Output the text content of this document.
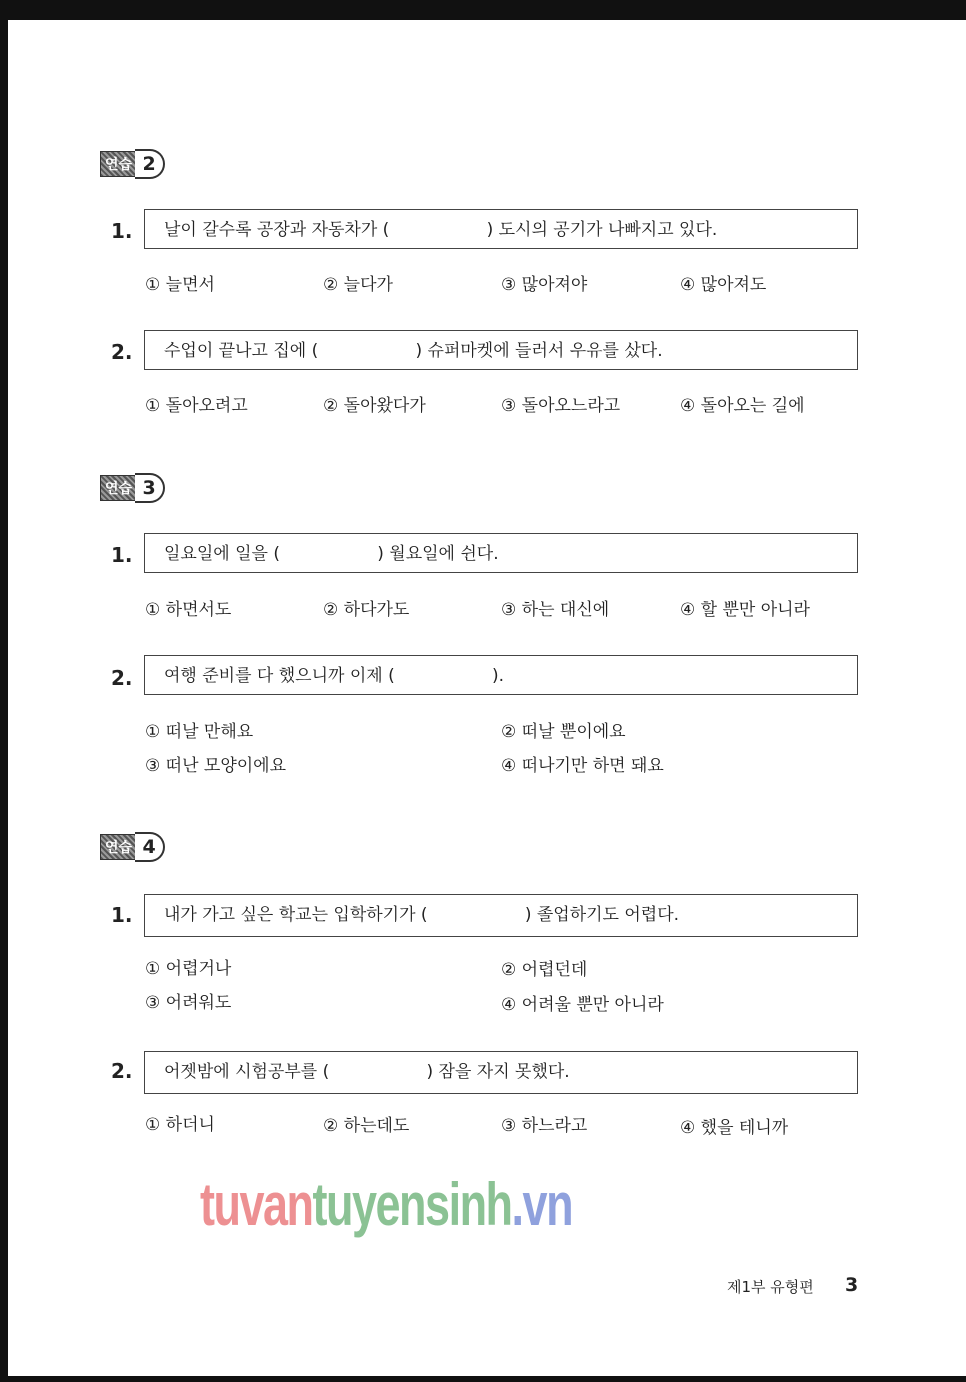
연습 2
1.	날이 갈수록 공장과 자동차가 (                  ) 도시의 공기가 나빠지고 있다.
① 늘면서	② 늘다가	③ 많아져야	④ 많아져도
2.	수업이 끝나고 집에 (                  ) 슈퍼마켓에 들러서 우유를 샀다.
① 돌아오려고	② 돌아왔다가	③ 돌아오느라고	④ 돌아오는 길에
연습 3
1.	일요일에 일을 (                  ) 월요일에 쉰다.
① 하면서도	② 하다가도	③ 하는 대신에	④ 할 뿐만 아니라
2.	여행 준비를 다 했으니까 이제 (                  ).
① 떠날 만해요	② 떠날 뿐이에요
③ 떠난 모양이에요	④ 떠나기만 하면 돼요
연습 4
1.	내가 가고 싶은 학교는 입학하기가 (                  ) 졸업하기도 어렵다.
① 어렵거나	② 어렵던데
③ 어려워도	④ 어려울 뿐만 아니라
2.	어젯밤에 시험공부를 (                  ) 잠을 자지 못했다.
① 하더니	② 하는데도	③ 하느라고	④ 했을 테니까
tuvantuyensinh.vn
제1부 유형편 3
